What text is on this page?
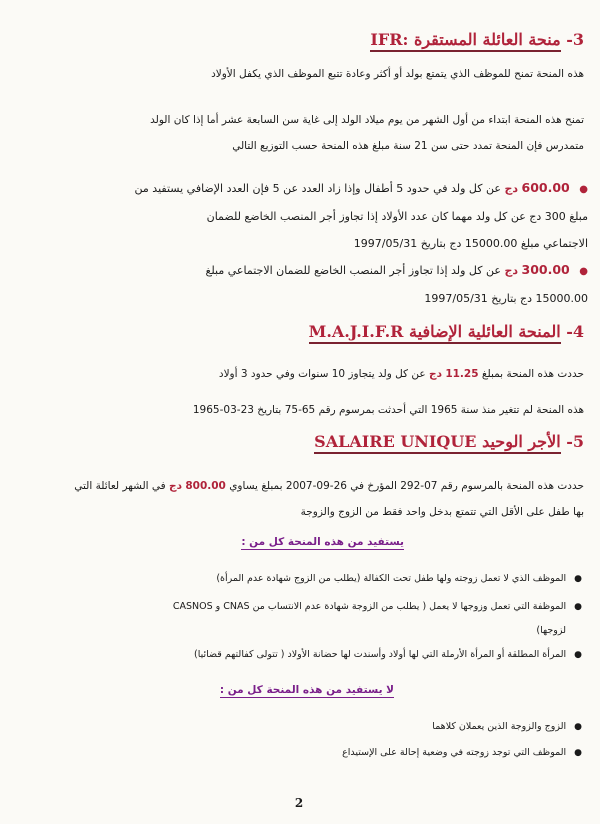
3- منحة العائلة المستقرة IFR:
هذه المنحة تمنح للموظف الذي يتمتع بولد أو أكثر وعادة تتبع الموظف الذي يكفل الأولاد
تمنح هذه المنحة ابتداء من أول الشهر من يوم ميلاد الولد إلى غاية سن السابعة عشر أما إذا كان الولد
متمدرس فإن المنحة تمدد حتى سن 21 سنة مبلغ هذه المنحة حسب التوزيع التالي
● 600.00 دج عن كل ولد في حدود 5 أطفال وإذا زاد العدد عن 5 فإن العدد الإضافي يستفيد من
مبلغ 300 دج عن كل ولد مهما كان عدد الأولاد إذا تجاوز أجر المنصب الخاضع للضمان
الاجتماعي مبلغ 15000.00 دج بتاريخ 1997/05/31
● 300.00 دج عن كل ولد إذا تجاوز أجر المنصب الخاضع للضمان الاجتماعي مبلغ
15000.00 دج بتاريخ 1997/05/31
4- المنحة العائلية الإضافية M.A.J.I.F.R
حددت هذه المنحة بمبلغ 11.25 دج عن كل ولد يتجاوز 10 سنوات وفي حدود 3 أولاد
هذه المنحة لم تتغير منذ سنة 1965 التي أحدثت بمرسوم رقم 65-75 بتاريخ 23-03-1965
5- الأجر الوحيد SALAIRE UNIQUE
حددت هذه المنحة بالمرسوم رقم 07-292 المؤرخ في 26-09-2007 بمبلغ يساوي 800.00 دج في الشهر لعائلة التي
بها طفل على الأقل التي تتمتع بدخل واحد فقط من الزوج والزوجة
يستفيد من هذه المنحة كل من :
●الموظف الذي لا تعمل زوجته ولها طفل تحت الكفالة (يطلب من الزوج شهادة عدم المرأة)
●الموظفة التي تعمل وزوجها لا يعمل ( يطلب من الزوجة شهادة عدم الانتساب من CNAS و CASNOS
لزوجها)
●المرأة المطلقة أو المرأة الأرملة التي لها أولاد وأسندت لها حضانة الأولاد ( تتولى كفالتهم قضائيا)
لا يستفيد من هذه المنحة كل من :
●الزوج والزوجة الذين يعملان كلاهما
●الموظف التي توجد زوجته في وضعية إحالة على الإستيداع
2
